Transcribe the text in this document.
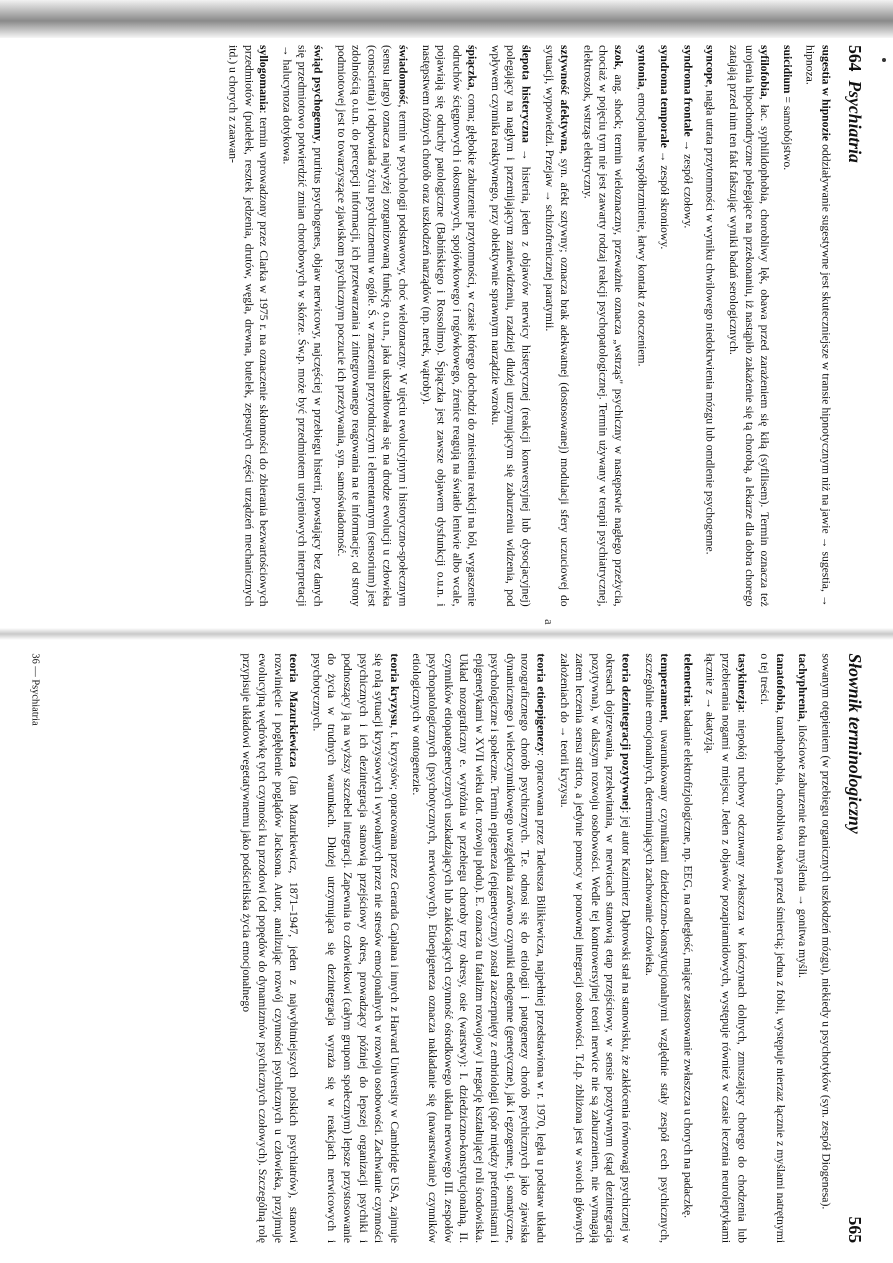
564  Psychiatria

sugestia w hipnozie oddziaływanie sugestywne jest skuteczniejsze w transie hipnotycznym niż na jawie → sugestia, → hipnoza.

suicidium = samobójstwo.

syfilofobia, łac. syphilidophobia, chorobliwy lęk, obawa przed zarażeniem się kiłą (syfilisem). Termin oznacza też urojenia hipochondryczne polegające na przekonaniu, iż nastąpiło zakażenie się tą chorobą, a lekarze dla dobra chorego zatajają przed nim ten fakt fałszując wyniki badań serologicznych.

syncope, nagła utrata przytomności w wyniku chwilowego niedokrwienia mózgu lub omdlenie psychogenne.

syndroma frontale → zespół czołowy.

syndroma temporale → zespół skroniowy.

syntonia, emocjonalne współbrzmienie, łatwy kontakt z otoczeniem.

szok, ang. shock; termin wieloznaczny, przeważnie oznacza „wstrząs" psychiczny w następstwie nagłego przeżycia, chociaż w pojęciu tym nie jest zawarty rodzaj reakcji psychopatologicznej. Termin używany w terapii psychiatrycznej, elektroszok, wstrząs elektryczny.

sztywność afektywna, syn. afekt sztywny; oznacza brak adekwatnej (dostosowanej) modulacji sfery uczuciowej do sytuacji, wypowiedzi. Przejaw → schizofrenicznej paratymii.

ślepota histeryczna → histeria, jeden z objawów nerwicy histerycznej (reakcji konwersyjnej lub dysocjacyjnej) polegający na nagłym i przemijającym zaniewidzeniu, rzadziej dłużej utrzymującym się zaburzeniu widzenia, pod wpływem czynnika reaktywnego, przy obiektywnie sprawnym narządzie wzroku.

śpiączka, coma; głębokie zaburzenie przytomności, w czasie którego dochodzi do zniesienia reakcji na ból, wygaszenie odruchów ścięgnowych i okostnowych, spojówkowego i rogówkowego, źrenice reagują na światło leniwie albo wcale, pojawiają się odruchy patologiczne (Babińskiego i Rossolimo). Śpiączka jest zawsze objawem dysfunkcji o.u.n. i następstwem różnych chorób oraz uszkodzeń narządów (np. nerek, wątroby).

świadomość, termin w psychologii podstawowy, choć wieloznaczny. W ujęciu ewolucyjnym i historyczno-społecznym (sensu largo) oznacza najwyżej zorganizowaną funkcję o.u.n., jaka ukształtowała się na drodze ewolucji u człowieka (conscientia) i odpowiada życiu psychicznemu w ogóle. Ś. w znaczeniu przyrodniczym i elementarnym (sensorium) jest zdolnością o.u.n. do percepcji informacji, ich przetwarzania i zintegrowanego reagowania na te informacje; od strony podmiotowej jest to towarzyszące zjawiskom psychicznym poczucie ich przeżywania, syn. samoświadomość.

świąd psychogenny, pruritus psychogenes, objaw nerwicowy, najczęściej w przebiegu histerii, powstający bez danych się przedmiotowo potwierdzić zmian chorobowych w skórze. Św.p. może być przedmiotem urojeniowych interpretacji → halucynoza dotykowa.

syllogomania: termin wprowadzony przez Clarka w 1975 r. na oznaczenie skłonności do zbierania bezwartościowych przedmiotów (pudełek, resztek jedzenia, drutów, węgla, drewna, butelek, zepsutych części urządzeń mechanicznych itd.) u chorych z zaawan-

a
Słownik terminologiczny
565

sowanym otępieniem (w przebiegu organicznych uszkodzeń mózgu), niekiedy u psychotyków (syn. zespół Diogenesa).

tachyphrenia, ilościowe zaburzenie toku myślenia → gonitwa myśli.

tanatofobia, tanathophobia, chorobliwa obawa przed śmiercią; jedna z fobii, występuje nierzaz łącznie z myślami natrętnymi o tej treści.

tasykinezja: niepokój ruchowy odczuwany zwłaszcza w kończynach dolnych, zmuszający chorego do chodzenia lub przebierania nogami w miejscu. Jeden z objawów pozapiramidowych, występuje również w czasie leczenia neuroleptykami łącznie z → akatyzją.

telemetria: badanie elektrofizjologiczne, np. EEG, na odległość, mające zastosowanie zwłaszcza u chorych na padaczkę.

temperament, uwarunkowany czynnikami dziedziczno-konstytucjonalnymi względnie stały zespół cech psychicznych, szczególnie emocjonalnych, determinujących zachowanie człowieka.

teoria dezintegracji pozytywnej: jej autor Kazimierz Dąbrowski stał na stanowisku, że zakłócenia równowagi psychicznej w okresach dojrzewania, przekwitania, w nerwicach stanowią etap przejściowy, w sensie pozytywnym (stąd dezintegracja pozytywna), w dalszym rozwoju osobowości. Wedle tej kontrowersyjnej teorii nerwice nie są zaburzeniem, nie wymagają zatem leczenia sensu stricto, a jedynie pomocy w ponownej integracji osobowości. T.d.p. zbliżona jest w swoich głównych założeniach do → teorii kryzysu.

teoria etioepigenezy: opracowana przez Tadeusza Bilikiewicza, najpełniej przedstawiona w r. 1970, legła u podstaw układu nozograficznego chorób psychicznych. T.e. odnosi się do etiologii i patogenezy chorób psychicznych jako zjawiska dynamicznego i wieloczynnikowego uwzględnia zarówno czynniki endogenne (genetyczne), jak i egzogenne, tj. somatyczne, psychologiczne i społeczne. Termin epigeneza (epigenetyczny) został zaczerpnięty z embriologii (spór między preformistami i epigenetykami w XVII wieku dot. rozwoju płodu). E. oznacza tu fatalizm rozwojowy i negację kształtującej roli środowiska. Układ nozograficzny e. wyróżnia w przebiegu choroby trzy okresy, osie (warstwy): I. dziedziczno-konstytucjonalną, II. czynników etiopatogenetycznych uszkadzających lub zakłócających czynność ośrodkowego układu nerwowego III. zespołów psychopatologicznych (psychotycznych, nerwicowych). Etioepigeneza oznacza nakładanie się (nawarstwianie) czynników etiologicznych w ontogenezie.

teoria kryzysu, t. kryzysów; opracowana przez Gerarda Caplana i innych z Harvard University w Cambridge USA, zajmuje się rolą sytuacji kryzysowych i wywołanych przez nie stresów emocjonalnych w rozwoju osobowości. Zachwianie czynności psychicznych i ich dezintegracja stanowią przejściowy okres, prowadzący później do lepszej organizacji psychiki i podnoszący ją na wyższy szczebel integracji. Zapewnia to człowiekowi (całym grupom społecznym) lepsze przystosowanie do życia w trudnych warunkach. Dłużej utrzymująca się dezintegracja wyraża się w reakcjach nerwicowych i psychotycznych.

teoria Mazurkiewicza (Jan Mazurkiewicz, 1871–1947, jeden z najwybitniejszych polskich psychiatrów), stanowi rozwinięcie i pogłębienie poglądów Jacksona. Autor, analizując rozwój czynności psychicznych u człowieka, przyjmuje ewolucyjną wędrówkę tych czynności ku przodowi (od popędów do dynamizmów psychicznych czołowych). Szczególną rolę przypisuje układowi wegetatywnemu jako podścieliska życia emocjonalnego

36 — Psychiatria
